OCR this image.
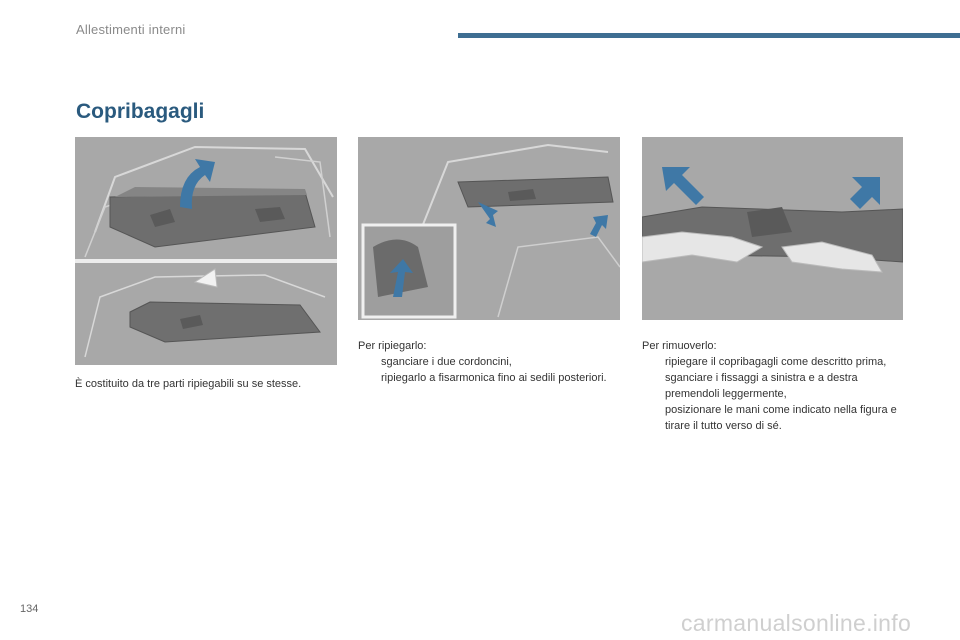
Allestimenti interni
Copribagagli

È costituito da tre parti ripiegabili su se stesse.

Per ripiegarlo:

sganciare i due cordoncini,
ripiegarlo a fisarmonica fino ai sedili posteriori.

Per rimuoverlo:

ripiegare il copribagagli come descritto prima,
sganciare i fissaggi a sinistra e a destra premendoli leggermente,
posizionare le mani come indicato nella figura e tirare il tutto verso di sé.
134
carmanualsonline.info
